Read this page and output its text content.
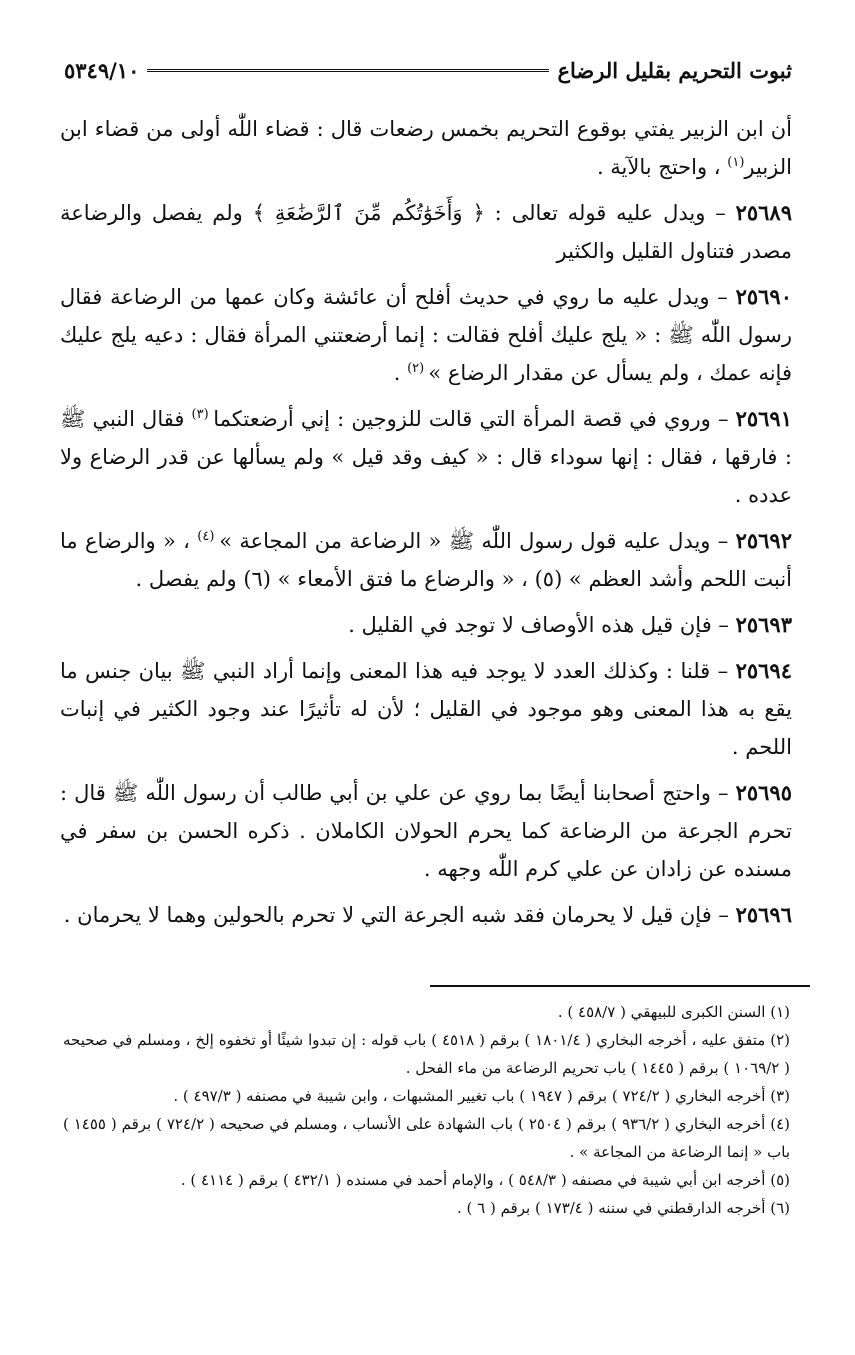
ثبوت التحريم بقليل الرضاع
٥٣٤٩/١٠

أن ابن الزبير يفتي بوقوع التحريم بخمس رضعات قال : قضاء اللّٰه أولى من قضاء ابن الزبير$^{(١)}$ ، واحتج بالآية .

٢٥٦٨٩ – ويدل عليه قوله تعالى : ﴿ وَأَخَوَٰتُكُم مِّنَ ٱلرَّضَٰعَةِ ﴾ ولم يفصل والرضاعة مصدر فتناول القليل والكثير

٢٥٦٩٠ – ويدل عليه ما روي في حديث أفلح أن عائشة وكان عمها من الرضاعة فقال رسول اللّٰه ﷺ : « يلج عليك أفلح فقالت : إنما أرضعتني المرأة فقال : دعيه يلج عليك فإنه عمك ، ولم يسأل عن مقدار الرضاع » $^{(٢)}$ .

٢٥٦٩١ – وروي في قصة المرأة التي قالت للزوجين : إني أرضعتكما $^{(٣)}$ فقال النبي ﷺ : فارقها ، فقال : إنها سوداء قال : « كيف وقد قيل » ولم يسألها عن قدر الرضاع ولا عدده .

٢٥٦٩٢ – ويدل عليه قول رسول اللّٰه ﷺ « الرضاعة من المجاعة » $^{(٤)}$ ، « والرضاع ما أنبت اللحم وأشد العظم » (٥) ، « والرضاع ما فتق الأمعاء » (٦) ولم يفصل .

٢٥٦٩٣ – فإن قيل هذه الأوصاف لا توجد في القليل .

٢٥٦٩٤ – قلنا : وكذلك العدد لا يوجد فيه هذا المعنى وإنما أراد النبي ﷺ بيان جنس ما يقع به هذا المعنى وهو موجود في القليل ؛ لأن له تأثيرًا عند وجود الكثير في إنبات اللحم .

٢٥٦٩٥ – واحتج أصحابنا أيضًا بما روي عن علي بن أبي طالب أن رسول اللّٰه ﷺ قال : تحرم الجرعة من الرضاعة كما يحرم الحولان الكاملان . ذكره الحسن بن سفر في مسنده عن زادان عن علي كرم اللّٰه وجهه .

٢٥٦٩٦ – فإن قيل لا يحرمان فقد شبه الجرعة التي لا تحرم بالحولين وهما لا يحرمان .

(١) السنن الكبرى للبيهقي ( ٤٥٨/٧ ) .

(٢) متفق عليه ، أخرجه البخاري ( ١٨٠١/٤ ) برقم ( ٤٥١٨ ) باب قوله : إن تبدوا شيئًا أو تخفوه إلخ ، ومسلم في صحيحه ( ١٠٦٩/٢ ) برقم ( ١٤٤٥ ) باب تحريم الرضاعة من ماء الفحل .

(٣) أخرجه البخاري ( ٧٢٤/٢ ) برقم ( ١٩٤٧ ) باب تغيير المشبهات ، وابن شيبة في مصنفه ( ٤٩٧/٣ ) .

(٤) أخرجه البخاري ( ٩٣٦/٢ ) برقم ( ٢٥٠٤ ) باب الشهادة على الأنساب ، ومسلم في صحيحه ( ٧٢٤/٢ ) برقم ( ١٤٥٥ ) باب « إنما الرضاعة من المجاعة » .

(٥) أخرجه ابن أبي شيبة في مصنفه ( ٥٤٨/٣ ) ، والإمام أحمد في مسنده ( ٤٣٢/١ ) برقم ( ٤١١٤ ) .

(٦) أخرجه الدارقطني في سننه ( ١٧٣/٤ ) برقم ( ٦ ) .
